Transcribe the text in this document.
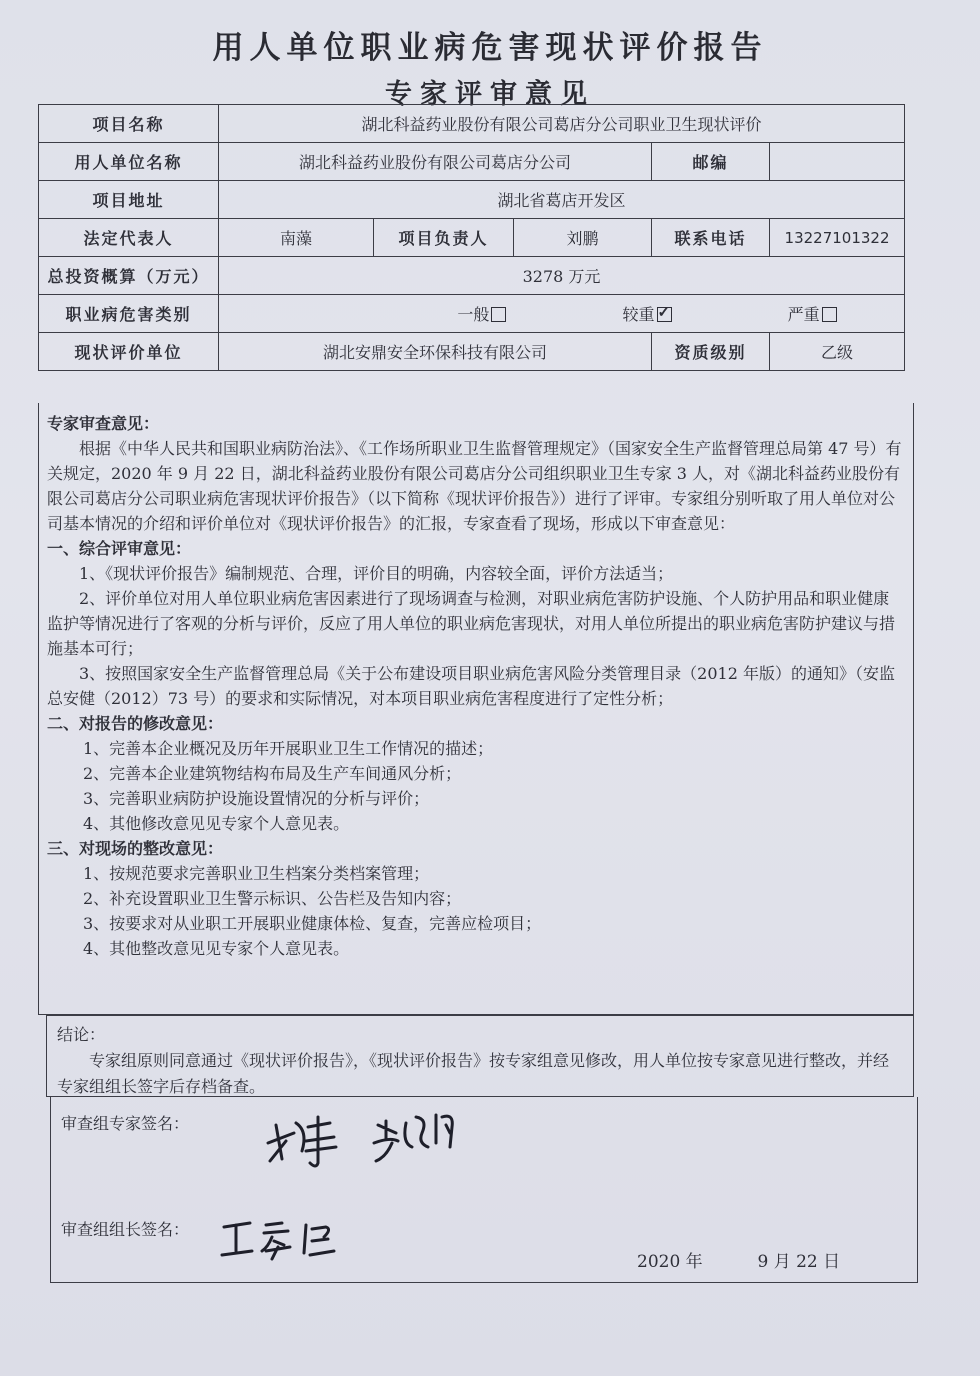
用人单位职业病危害现状评价报告
专家评审意见
项目名称	湖北科益药业股份有限公司葛店分公司职业卫生现状评价				
用人单位名称	湖北科益药业股份有限公司葛店分公司			邮编	
项目地址	湖北省葛店开发区				
法定代表人	南藻	项目负责人	刘鹏	联系电话	13227101322
总投资概算（万元）	3278 万元				
职业病危害类别	一般 较重 ✓ 严重
现状评价单位	湖北安鼎安全环保科技有限公司			资质级别	乙级

专家审查意见：

根据《中华人民共和国职业病防治法》、《工作场所职业卫生监督管理规定》（国家安全生产监督管理总局第 47 号）有关规定，2020 年 9 月 22 日，湖北科益药业股份有限公司葛店分公司组织职业卫生专家 3 人，对《湖北科益药业股份有限公司葛店分公司职业病危害现状评价报告》（以下简称《现状评价报告》）进行了评审。专家组分别听取了用人单位对公司基本情况的介绍和评价单位对《现状评价报告》的汇报，专家查看了现场，形成以下审查意见：

一、综合评审意见：

1、《现状评价报告》编制规范、合理，评价目的明确，内容较全面，评价方法适当；

2、评价单位对用人单位职业病危害因素进行了现场调查与检测，对职业病危害防护设施、个人防护用品和职业健康监护等情况进行了客观的分析与评价，反应了用人单位的职业病危害现状，对用人单位所提出的职业病危害防护建议与措施基本可行；

3、按照国家安全生产监督管理总局《关于公布建设项目职业病危害风险分类管理目录（2012 年版）的通知》（安监总安健（2012）73 号）的要求和实际情况，对本项目职业病危害程度进行了定性分析；

二、对报告的修改意见：

1、完善本企业概况及历年开展职业卫生工作情况的描述；

2、完善本企业建筑物结构布局及生产车间通风分析；

3、完善职业病防护设施设置情况的分析与评价；

4、其他修改意见见专家个人意见表。

三、对现场的整改意见：

1、按规范要求完善职业卫生档案分类档案管理；

2、补充设置职业卫生警示标识、公告栏及告知内容；

3、按要求对从业职工开展职业健康体检、复查，完善应检项目；

4、其他整改意见见专家个人意见表。

结论：

专家组原则同意通过《现状评价报告》，《现状评价报告》按专家组意见修改，用人单位按专家意见进行整改，并经专家组组长签字后存档备查。

审查组专家签名：
审查组组长签名：
2020 年	9 月 22 日
